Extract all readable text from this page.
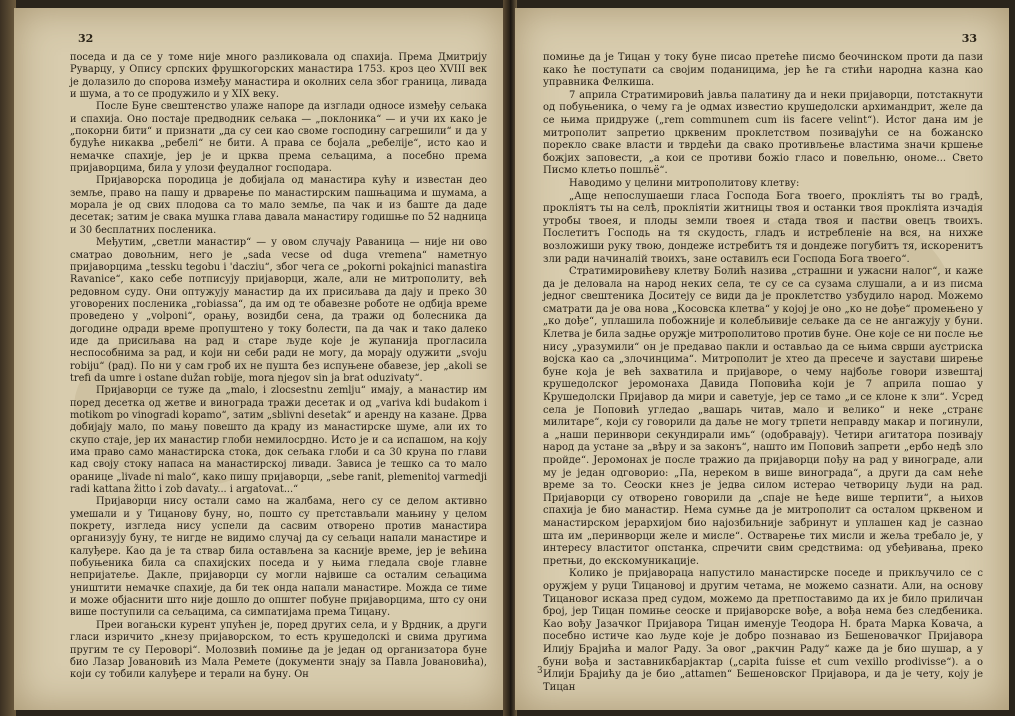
32

поседа и да се у томе није много разликовала од спахија. Према Дмитрију Руварцу, у Опису српских фрушкогорских манастира 1753. кроз цео XVIII век је долазило до спорова између манастира и околних села због граница, ливада и шума, а то се продужило и у XIX веку.

После Буне свештенство улаже напоре да изглади односе између сељака и спахија. Оно постаје предводник сељака — „поклоника“ — и учи их како је „покорни бити“ и признати „да су сеи као своме господину сагрешили“ и да у будуће никаква „ребелі“ не бити. А права се бојала „ребеліје“, исто као и немачке спахије, јер је и црква према сељацима, а посебно према пријаворцима, била у улози феудалног господара.

Пријаворска породица је добијала од манастира кућу и известан део земље, право на пашу и дрварење по манастирским пашњацима и шумама, а морала је од свих плодова са то мало земље, па чак и из баште да даде десетак; затим је свака мушка глава давала манастиру годишње по 52 надница и 30 бесплатних посленика.

Међутим, „светли манастир“ — у овом случају Раваница — није ни ово сматрао довољним, него је „sada vecse od duga vremena“ наметнуо пријаворцима „tessku tegobu i 'dacziu“, због чега се „pokornі pokajnici manastira Ravanice“, како себе потписују пријаворци, жале, али не митрополиту, већ редовном суду. Они оптужују манастир да их присиљава да дају и преко 30 уговорених посленика „robiassa“, да им од те обавезне роботе не одбија време проведено у „volponi“, орању, возидби сена, да тражи од болесника да догодине одради време пропуштено у току болести, па да чак и тако далеко иде да присиљава на рад и старе људе које је жупанија прогласила неспособнима за рад, и који ни себи ради не могу, да морају одужити „svoju robiju“ (рад). По ни у сам гроб их не пушта без испуњене обавезе, јер „akoli se trefi da umre i ostane dužan robije, mora njegov sin ja brat oduzivaty“.

Пријаворци се туже да „malo, i zlocsestnu zemlju“ имају, а манастир им поред десетка од жетве и винограда тражи десетак и од „variva kdi budakom i mоtikom po vinogradi kopamo“, затим „sblivni desetak“ и аренду на казане. Дрва добијају мало, по мању повешто да краду из манастирске шуме, али их то скупо стаје, јер их манастир глоби немилосрдно. Исто је и са испашом, на коју има право само манастирска стока, док сељака глоби и са 30 круна по глави кад своју стоку напаса на манастирској ливади. Зависа је тешко са то мало оранице „livade ni malo“, како пишу пријаворци, „sebe ranit, plemenitoj varmedji radi kattana žitto i zob davaty... i argatovat...“

Пријаворци нису остали само на жалбама, него су се делом активно умешали и у Тицанову буну, но, пошто су претстављали мањину у целом покрету, изгледа нису успели да сасвим отворено против манастира организују буну, те нигде не видимо случај да су сељаци напали манастире и калуђере. Као да је та ствар била остављена за касније време, јер је већина побуњеника била са спахијских поседа и у њима гледала своје главне непријатеље. Дакле, пријаворци су могли највише са осталим сељацима уништити немачке спахије, да би тек онда напали манастире. Можда се тиме и може објаснити што није дошло до општег побуне пријаворцима, што су они више поступили са сељацима, са симпатијама према Тицану.

Преи вогањски курент упућен је, поред других села, и у Врдник, а други гласи изричито „кнезу пријаворском, то есть крушедолскі и свима другима пругим те су Пероворі“. Молозвић помиње да је један од организатора буне био Лазар Јовановић из Мала Ремете (документи знају за Павла Јовановића), који су тобили калуђере и терали на буну. Он

33

помиње да је Тицан у току буне писао претеће писмо беочинском проти да пази како ће поступати са својим поданицима, јер ће га стићи народна казна као управника Фелкиша.

7 априла Стратимировић јавља палатину да и неки пријаворци, потстакнути од побуњеника, о чему га је одмах известио крушедолски архимандрит, желе да се њима придруже („rem communem cum iis facere velint“). Истог дана им је митрополит запретио црквеним проклетством позивајући се на божанско порекло свакe власти и тврдећи да свако противљење властима значи кршење божјих заповести, „а кои се противи божіо гласо и повельню, ономе... Свето Писмо клетьо пошльё“.

Наводимо у целини митрополитову клетву:

„Аще непослушаеши гласа Господа Бога твоего, прокліятъ ты во градѣ, прокліятъ ты на селѣ, прокліятіи житницы твоя и останки твоя прокліята изчадія утробы твоея, и плоды земли твоея и стада твоя и пастви овецъ твоихъ. Послетитъ Господь на тя скудость, гладъ и истребленіе на вся, на нихже возложиши руку твою, дондеже истребитъ тя и дондеже погубитъ тя, искоренитъ зли ради начиналій твоихъ, зане оставилъ еси Господа Бога твоего“.

Стратимировићеву клетву Болић назива „страшни и ужасни налог“, и каже да је деловала на народ неких села, те су се са сузама слушали, а и из писма једног свештеника Доситеју се види да је проклетство узбудило народ. Можемо сматрати да је ова нова „Косовска клетва“ у којој је оно „ко не дође“ промењено у „ко дође“, уплашила побожније и колебљивије сељаке да се не ангажују у буни. Клетва је била задње оружје митрополитово против буне. Оне које се ни после ње нису „уразумили“ он је предавао пакли и остављао да се њима сврши аустриска војска као са „злочинцима“. Митрополит је хтео да пресече и заустави ширење буне која је већ захватила и пријаворе, о чему најбоље говори извештај крушедолског јеромонаха Давида Поповића који је 7 априла пошао у Крушедолски Пријавор да мири и саветује, јер се тамо „и се клоне к зли“. Усред села је Поповић угледао „вашарь читав, мало и велико“ и неке „странє милитаре“, који су говорили да даље не могу трпети неправду макар и погинули, а „наши перинвори секундирали имь“ (одобравају). Четири агитатора позивају народ да устане за „вѣру и за законъ“, нашто им Поповић запрети „ербо недѣ зло пройде“. Јеромонах је после тражио да пријаворци пођу на рад у винограде, али му је један одговорио: „Па, нереком в више винограда“, а други да сам неће време за то. Сеоски кнез је једва силом истерао четворицу људи на рад. Пријаворци су отворено говорили да „спаје не ћеде више терпити“, а њихов спахија је био манастир. Нема сумње да је митрополит са осталом црквеном и манастирском јерархијом био најозбиљније забринут и уплашен кад је сазнао шта им „перинворци желе и мисле“. Остварење тих мисли и жеља требало је, у интересу властитог опстанка, спречити свим средствима: од убеђивања, преко претњи, до екскомуникације.

Колико је пријавораца напустило манастирске поседе и прикључило се с оружјем у руци Тицановој и другим четама, не можемо сазнати. Али, на основу Тицановог исказа пред судом, можемо да претпоставимо да их је било приличан број, јер Тицан помиње сеоске и пријаворске вође, а вођа нема без следбеника. Као вођу Јазачког Пријавора Тицан именује Теодора Н. брата Марка Ковача, а посебно истиче као људе које је добро познавао из Бешеновачког Пријавора Илију Брајића и малог Раду. За овог „ракчин Раду“ каже да је био шушар, а у буни вођа и заставникбарјактар („capita fuisse et cum vexillo prodivisse“). а о Илији Брајићу да је био „attamen“ Бешеновског Пријавора, и да је чету, коју је Тицан

3
